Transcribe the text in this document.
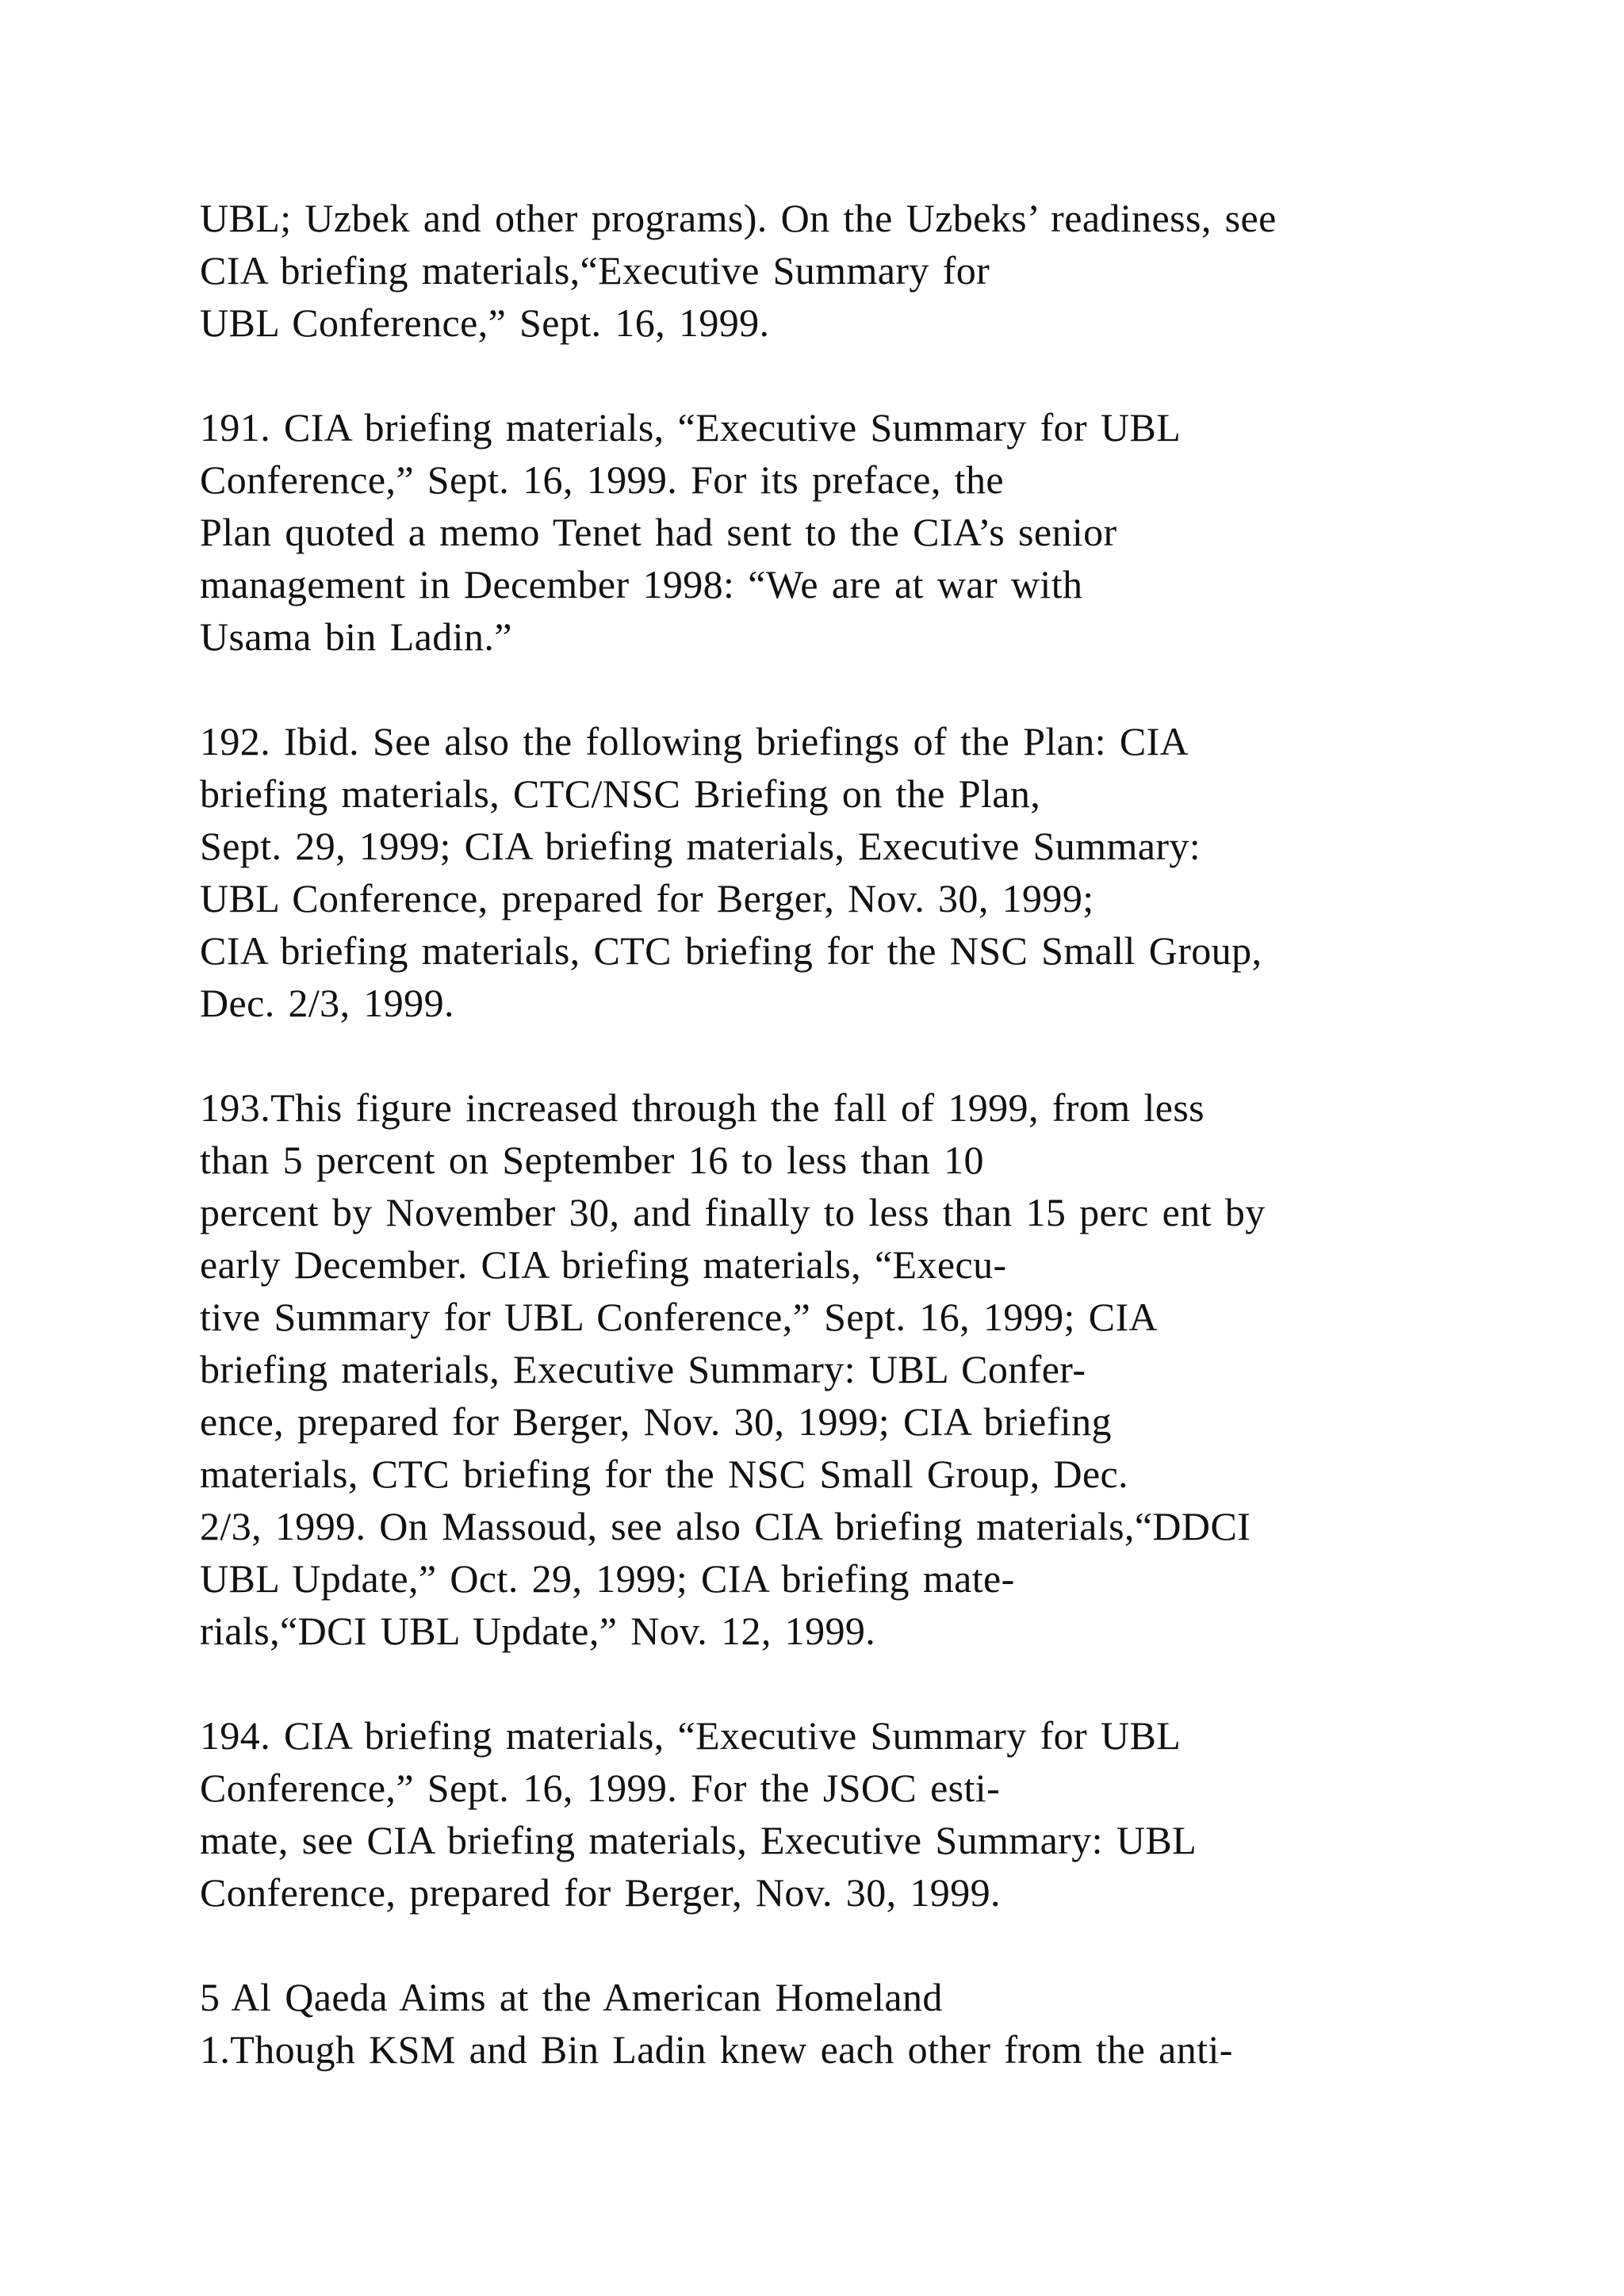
UBL; Uzbek and other programs). On the Uzbeks’ readiness, see
CIA briefing materials,“Executive Summary for
UBL Conference,” Sept. 16, 1999.
191. CIA briefing materials, “Executive Summary for UBL
Conference,” Sept. 16, 1999. For its preface, the
Plan quoted a memo Tenet had sent to the CIA’s senior
management in December 1998: “We are at war with
Usama bin Ladin.”
192. Ibid. See also the following briefings of the Plan: CIA
briefing materials, CTC/NSC Briefing on the Plan,
Sept. 29, 1999; CIA briefing materials, Executive Summary:
UBL Conference, prepared for Berger, Nov. 30, 1999;
CIA briefing materials, CTC briefing for the NSC Small Group,
Dec. 2/3, 1999.
193.This figure increased through the fall of 1999, from less
than 5 percent on September 16 to less than 10
percent by November 30, and finally to less than 15 perc ent by
early December. CIA briefing materials, “Execu-
tive Summary for UBL Conference,” Sept. 16, 1999; CIA
briefing materials, Executive Summary: UBL Confer-
ence, prepared for Berger, Nov. 30, 1999; CIA briefing
materials, CTC briefing for the NSC Small Group, Dec.
2/3, 1999. On Massoud, see also CIA briefing materials,“DDCI
UBL Update,” Oct. 29, 1999; CIA briefing mate-
rials,“DCI UBL Update,” Nov. 12, 1999.
194. CIA briefing materials, “Executive Summary for UBL
Conference,” Sept. 16, 1999. For the JSOC esti-
mate, see CIA briefing materials, Executive Summary: UBL
Conference, prepared for Berger, Nov. 30, 1999.
5 Al Qaeda Aims at the American Homeland
1.Though KSM and Bin Ladin knew each other from the anti-
